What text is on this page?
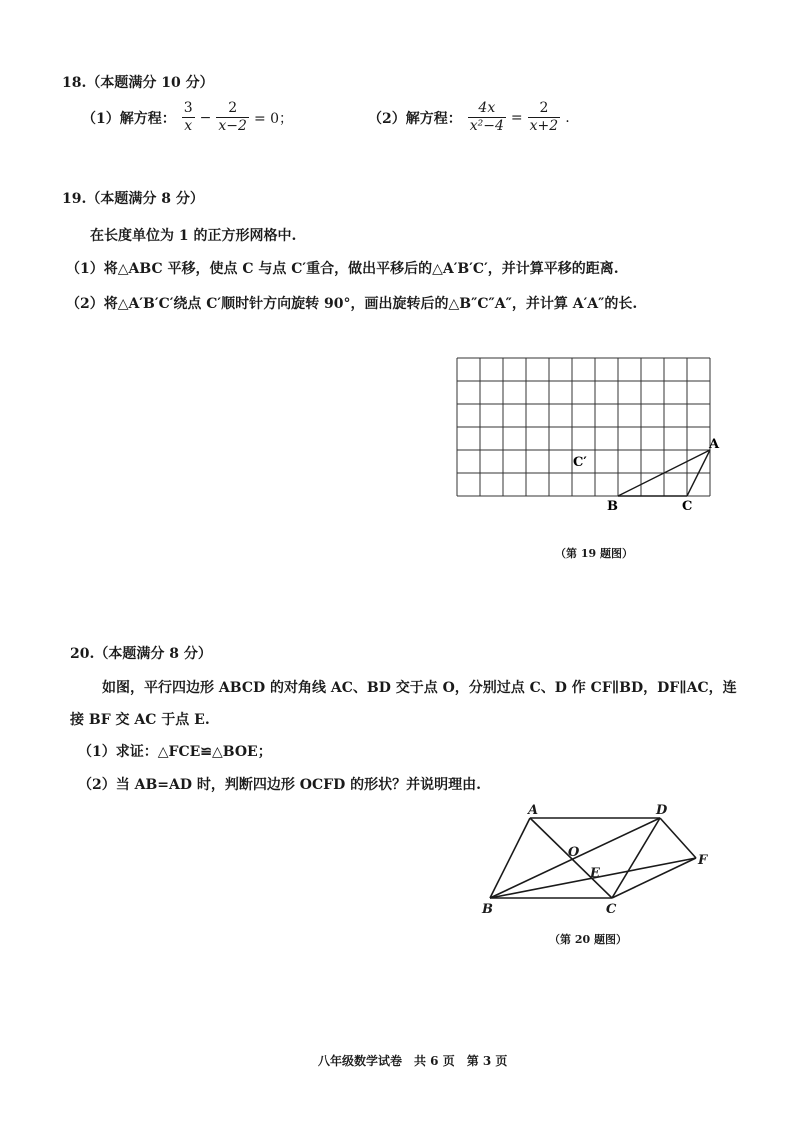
18.（本题满分 10 分）
（1）解方程： $\frac{3}{x} - \frac{2}{x-2} = 0$；	（2）解方程： $\frac{4x}{\text{x²−4}} = \frac{2}{x+2}$ .
19.（本题满分 8 分）
在长度单位为 1 的正方形网格中.
（1）将△ABC 平移，使点 C 与点 C′重合，做出平移后的△A′B′C′，并计算平移的距离.
（2）将△A′B′C′绕点 C′顺时针方向旋转 90°，画出旋转后的△B″C″A″，并计算 A′A″的长.
A
B	C
C′
（第 19 题图）
20.（本题满分 8 分）
如图，平行四边形 ABCD 的对角线 AC、BD 交于点 O，分别过点 C、D 作 CF∥BD，DF∥AC，连
接 BF 交 AC 于点 E.
（1）求证：△FCE≌△BOE；
（2）当 AB=AD 时，判断四边形 OCFD 的形状？并说明理由.
A	D
B	C
O
E
F
（第 20 题图）
八年级数学试卷　共 6 页　第 3 页
